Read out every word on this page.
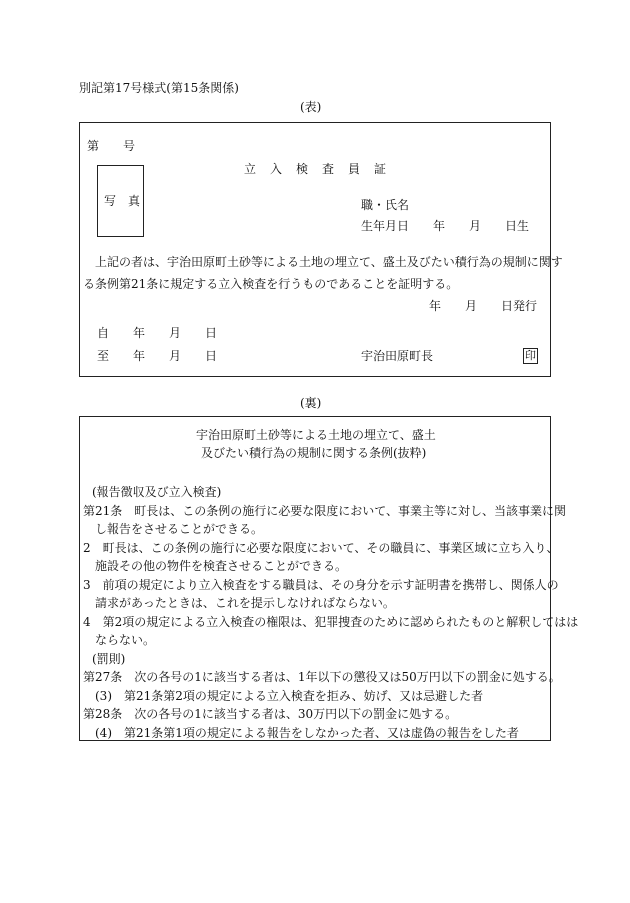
別記第17号様式(第15条関係)
(表)
第　　号
写　真
立入検査員証
職・氏名
生年月日　　年　　月　　日生
　上記の者は、宇治田原町土砂等による土地の埋立て、盛土及びたい積行為の規制に関す
る条例第21条に規定する立入検査を行うものであることを証明する。
年　　月　　日発行
自　　年　　月　　日
至　　年　　月　　日	宇治田原町長	印
(裏)
宇治田原町土砂等による土地の埋立て、盛土
及びたい積行為の規制に関する条例(抜粋)
(報告徴収及び立入検査)
第21条　町長は、この条例の施行に必要な限度において、事業主等に対し、当該事業に関
　し報告をさせることができる。
2　町長は、この条例の施行に必要な限度において、その職員に、事業区域に立ち入り、
　施設その他の物件を検査させることができる。
3　前項の規定により立入検査をする職員は、その身分を示す証明書を携帯し、関係人の
　請求があったときは、これを提示しなければならない。
4　第2項の規定による立入検査の権限は、犯罪捜査のために認められたものと解釈してはは
　ならない。
(罰則)
第27条　次の各号の1に該当する者は、1年以下の懲役又は50万円以下の罰金に処する。
　(3)　第21条第2項の規定による立入検査を拒み、妨げ、又は忌避した者
第28条　次の各号の1に該当する者は、30万円以下の罰金に処する。
　(4)　第21条第1項の規定による報告をしなかった者、又は虚偽の報告をした者
